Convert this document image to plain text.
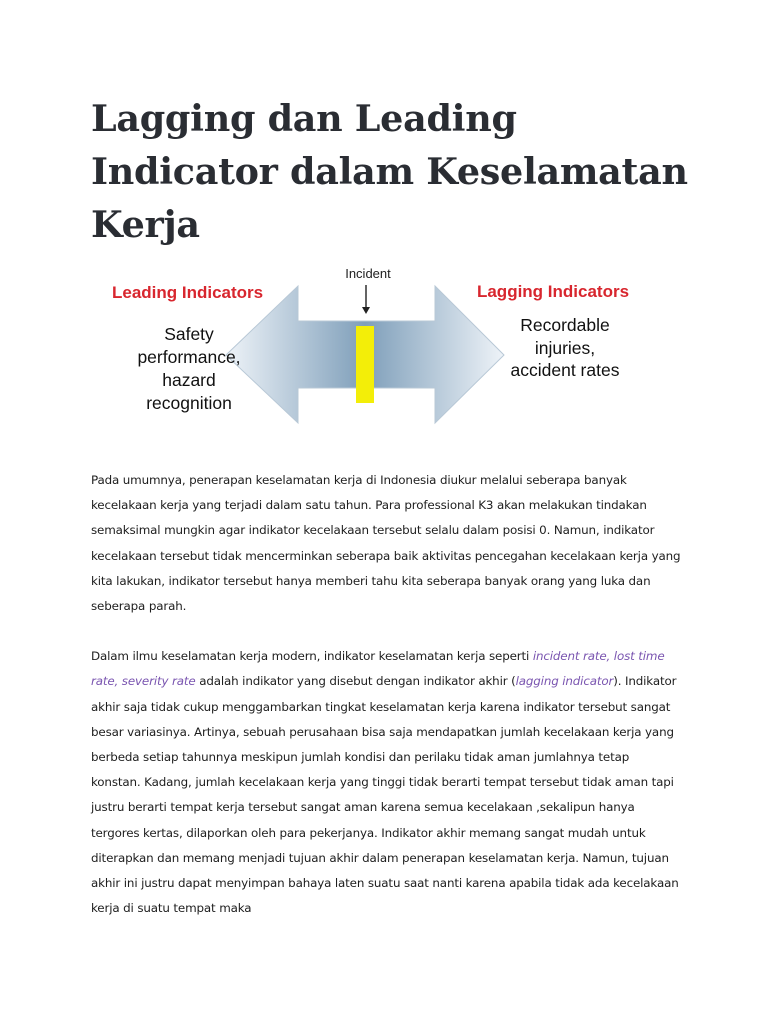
Lagging dan Leading Indicator dalam Keselamatan Kerja
Incident
Leading Indicators
Safety
performance,
hazard
recognition
Lagging Indicators
Recordable
injuries,
accident rates

Pada umumnya, penerapan keselamatan kerja di Indonesia diukur melalui seberapa banyak kecelakaan kerja yang terjadi dalam satu tahun. Para professional K3 akan melakukan tindakan semaksimal mungkin agar indikator kecelakaan tersebut selalu dalam posisi 0. Namun, indikator kecelakaan tersebut tidak mencerminkan seberapa baik aktivitas pencegahan kecelakaan kerja yang kita lakukan, indikator tersebut hanya memberi tahu kita seberapa banyak orang yang luka dan seberapa parah.

Dalam ilmu keselamatan kerja modern, indikator keselamatan kerja seperti incident rate, lost time rate, severity rate adalah indikator yang disebut dengan indikator akhir (lagging indicator). Indikator akhir saja tidak cukup menggambarkan tingkat keselamatan kerja karena indikator tersebut sangat besar variasinya. Artinya, sebuah perusahaan bisa saja mendapatkan jumlah kecelakaan kerja yang berbeda setiap tahunnya meskipun jumlah kondisi dan perilaku tidak aman jumlahnya tetap konstan. Kadang, jumlah kecelakaan kerja yang tinggi tidak berarti tempat tersebut tidak aman tapi justru berarti tempat kerja tersebut sangat aman karena semua kecelakaan ,sekalipun hanya tergores kertas, dilaporkan oleh para pekerjanya. Indikator akhir memang sangat mudah untuk diterapkan dan memang menjadi tujuan akhir dalam penerapan keselamatan kerja. Namun, tujuan akhir ini justru dapat menyimpan bahaya laten suatu saat nanti karena apabila tidak ada kecelakaan kerja di suatu tempat maka
